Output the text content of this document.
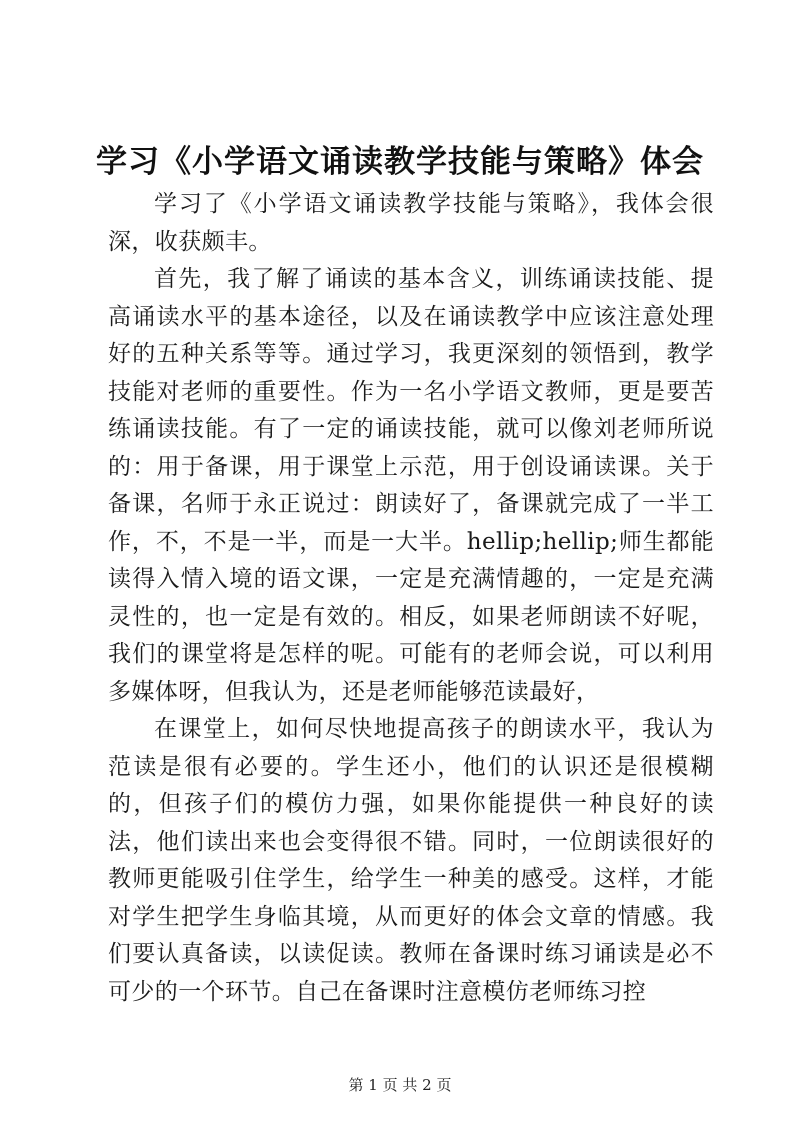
学习《小学语文诵读教学技能与策略》体会

学习了《小学语文诵读教学技能与策略》，我体会很深，收获颇丰。

首先，我了解了诵读的基本含义，训练诵读技能、提高诵读水平的基本途径，以及在诵读教学中应该注意处理好的五种关系等等。通过学习，我更深刻的领悟到，教学技能对老师的重要性。作为一名小学语文教师，更是要苦练诵读技能。有了一定的诵读技能，就可以像刘老师所说的：用于备课，用于课堂上示范，用于创设诵读课。关于备课，名师于永正说过：朗读好了，备课就完成了一半工作，不，不是一半，而是一大半。hellip;hellip;师生都能读得入情入境的语文课，一定是充满情趣的，一定是充满灵性的，也一定是有效的。相反，如果老师朗读不好呢，我们的课堂将是怎样的呢。可能有的老师会说，可以利用多媒体呀，但我认为，还是老师能够范读最好，

在课堂上，如何尽快地提高孩子的朗读水平，我认为范读是很有必要的。学生还小，他们的认识还是很模糊的，但孩子们的模仿力强，如果你能提供一种良好的读法，他们读出来也会变得很不错。同时，一位朗读很好的教师更能吸引住学生，给学生一种美的感受。这样，才能对学生把学生身临其境，从而更好的体会文章的情感。我们要认真备读，以读促读。教师在备课时练习诵读是必不可少的一个环节。自己在备课时注意模仿老师练习控

第 1 页 共 2 页
